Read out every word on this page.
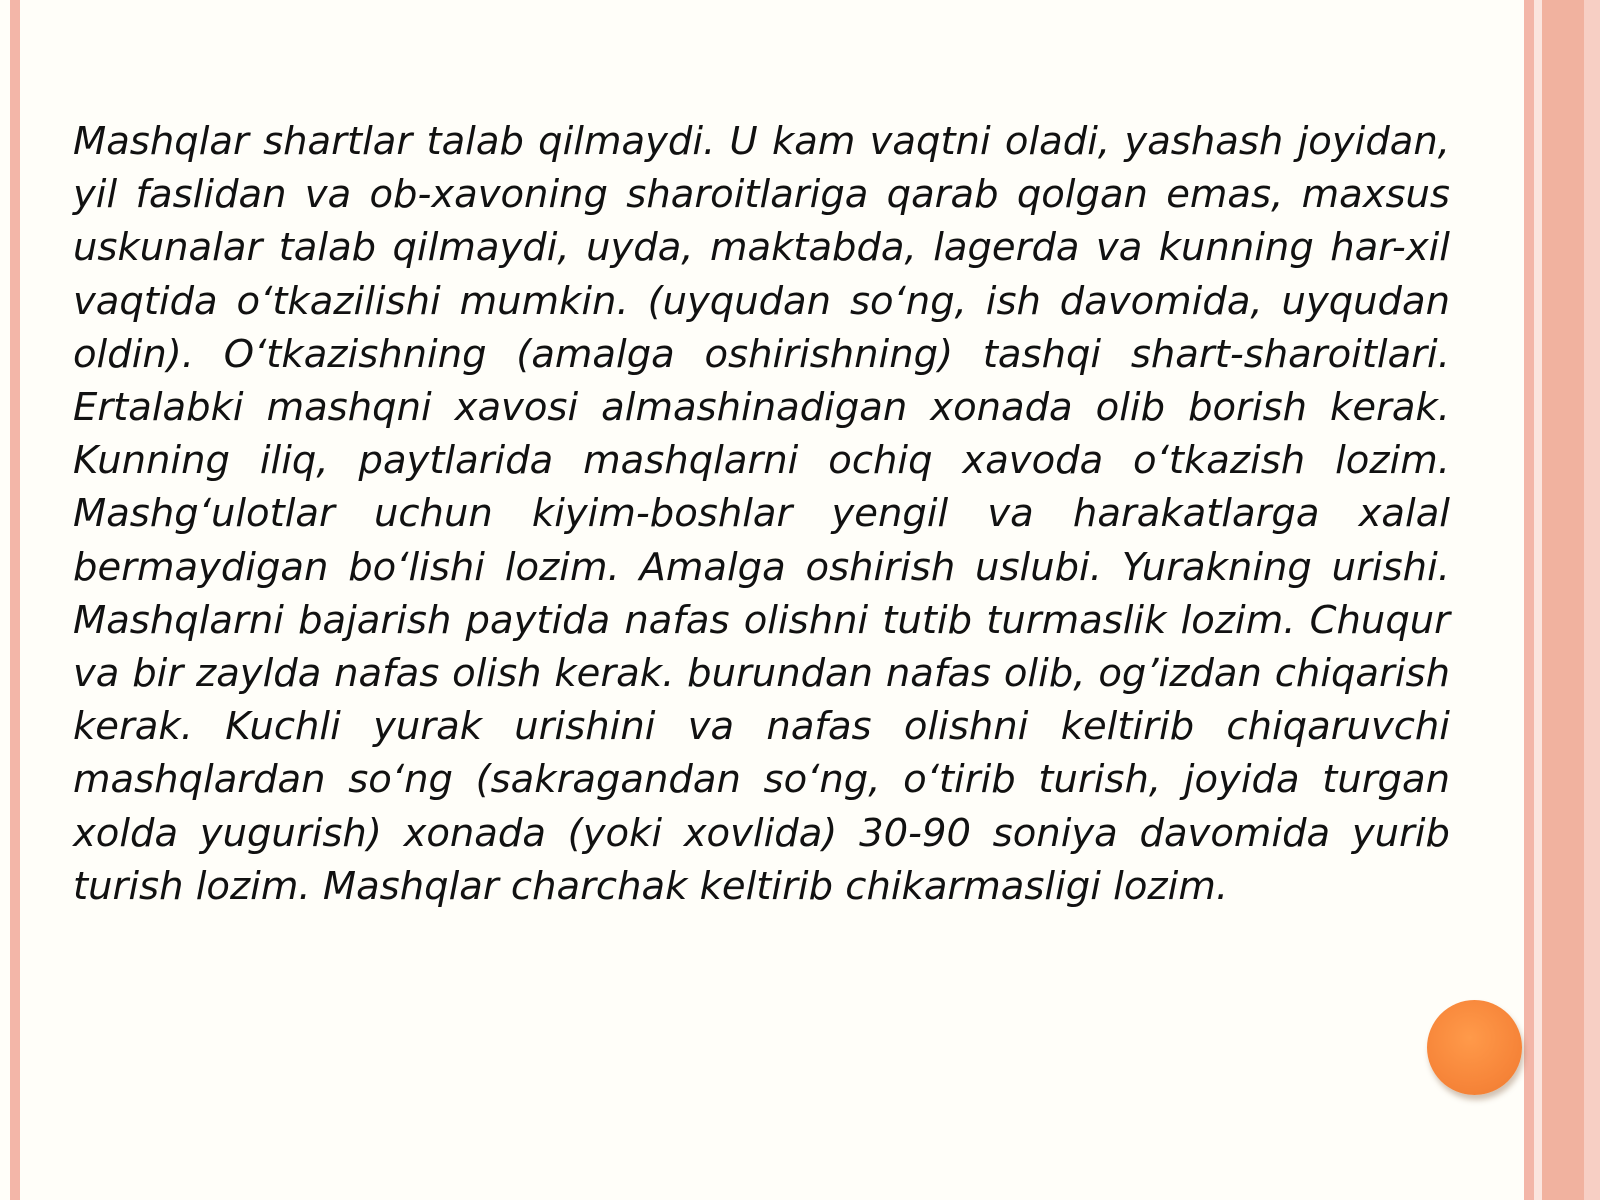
Mashqlar shartlar talab qilmaydi. U kam vaqtni oladi, yashash joyidan, yil faslidan va ob-xavoning sharoitlariga qarab qolgan emas, maxsus uskunalar talab qilmaydi, uyda, maktabda, lagerda va kunning har-xil vaqtida o‘tkazilishi mumkin. (uyqudan so‘ng, ish davomida, uyqudan oldin). O‘tkazishning (amalga oshirishning) tashqi shart-sharoitlari. Ertalabki mashqni xavosi almashinadigan xonada olib borish kerak. Kunning iliq, paytlarida mashqlarni ochiq xavoda o‘tkazish lozim. Mashg‘ulotlar uchun kiyim-boshlar yengil va harakatlarga xalal bermaydigan bo‘lishi lozim. Amalga oshirish uslubi. Yurakning urishi. Mashqlarni bajarish paytida nafas olishni tutib turmaslik lozim. Chuqur va bir zaylda nafas olish kerak. burundan nafas olib, og’izdan chiqarish kerak. Kuchli yurak urishini va nafas olishni keltirib chiqaruvchi mashqlardan so‘ng (sakragandan so‘ng, o‘tirib turish, joyida turgan xolda yugurish) xonada (yoki xovlida) 30-90 soniya davomida yurib turish lozim. Mashqlar charchak keltirib chikarmasligi lozim.
